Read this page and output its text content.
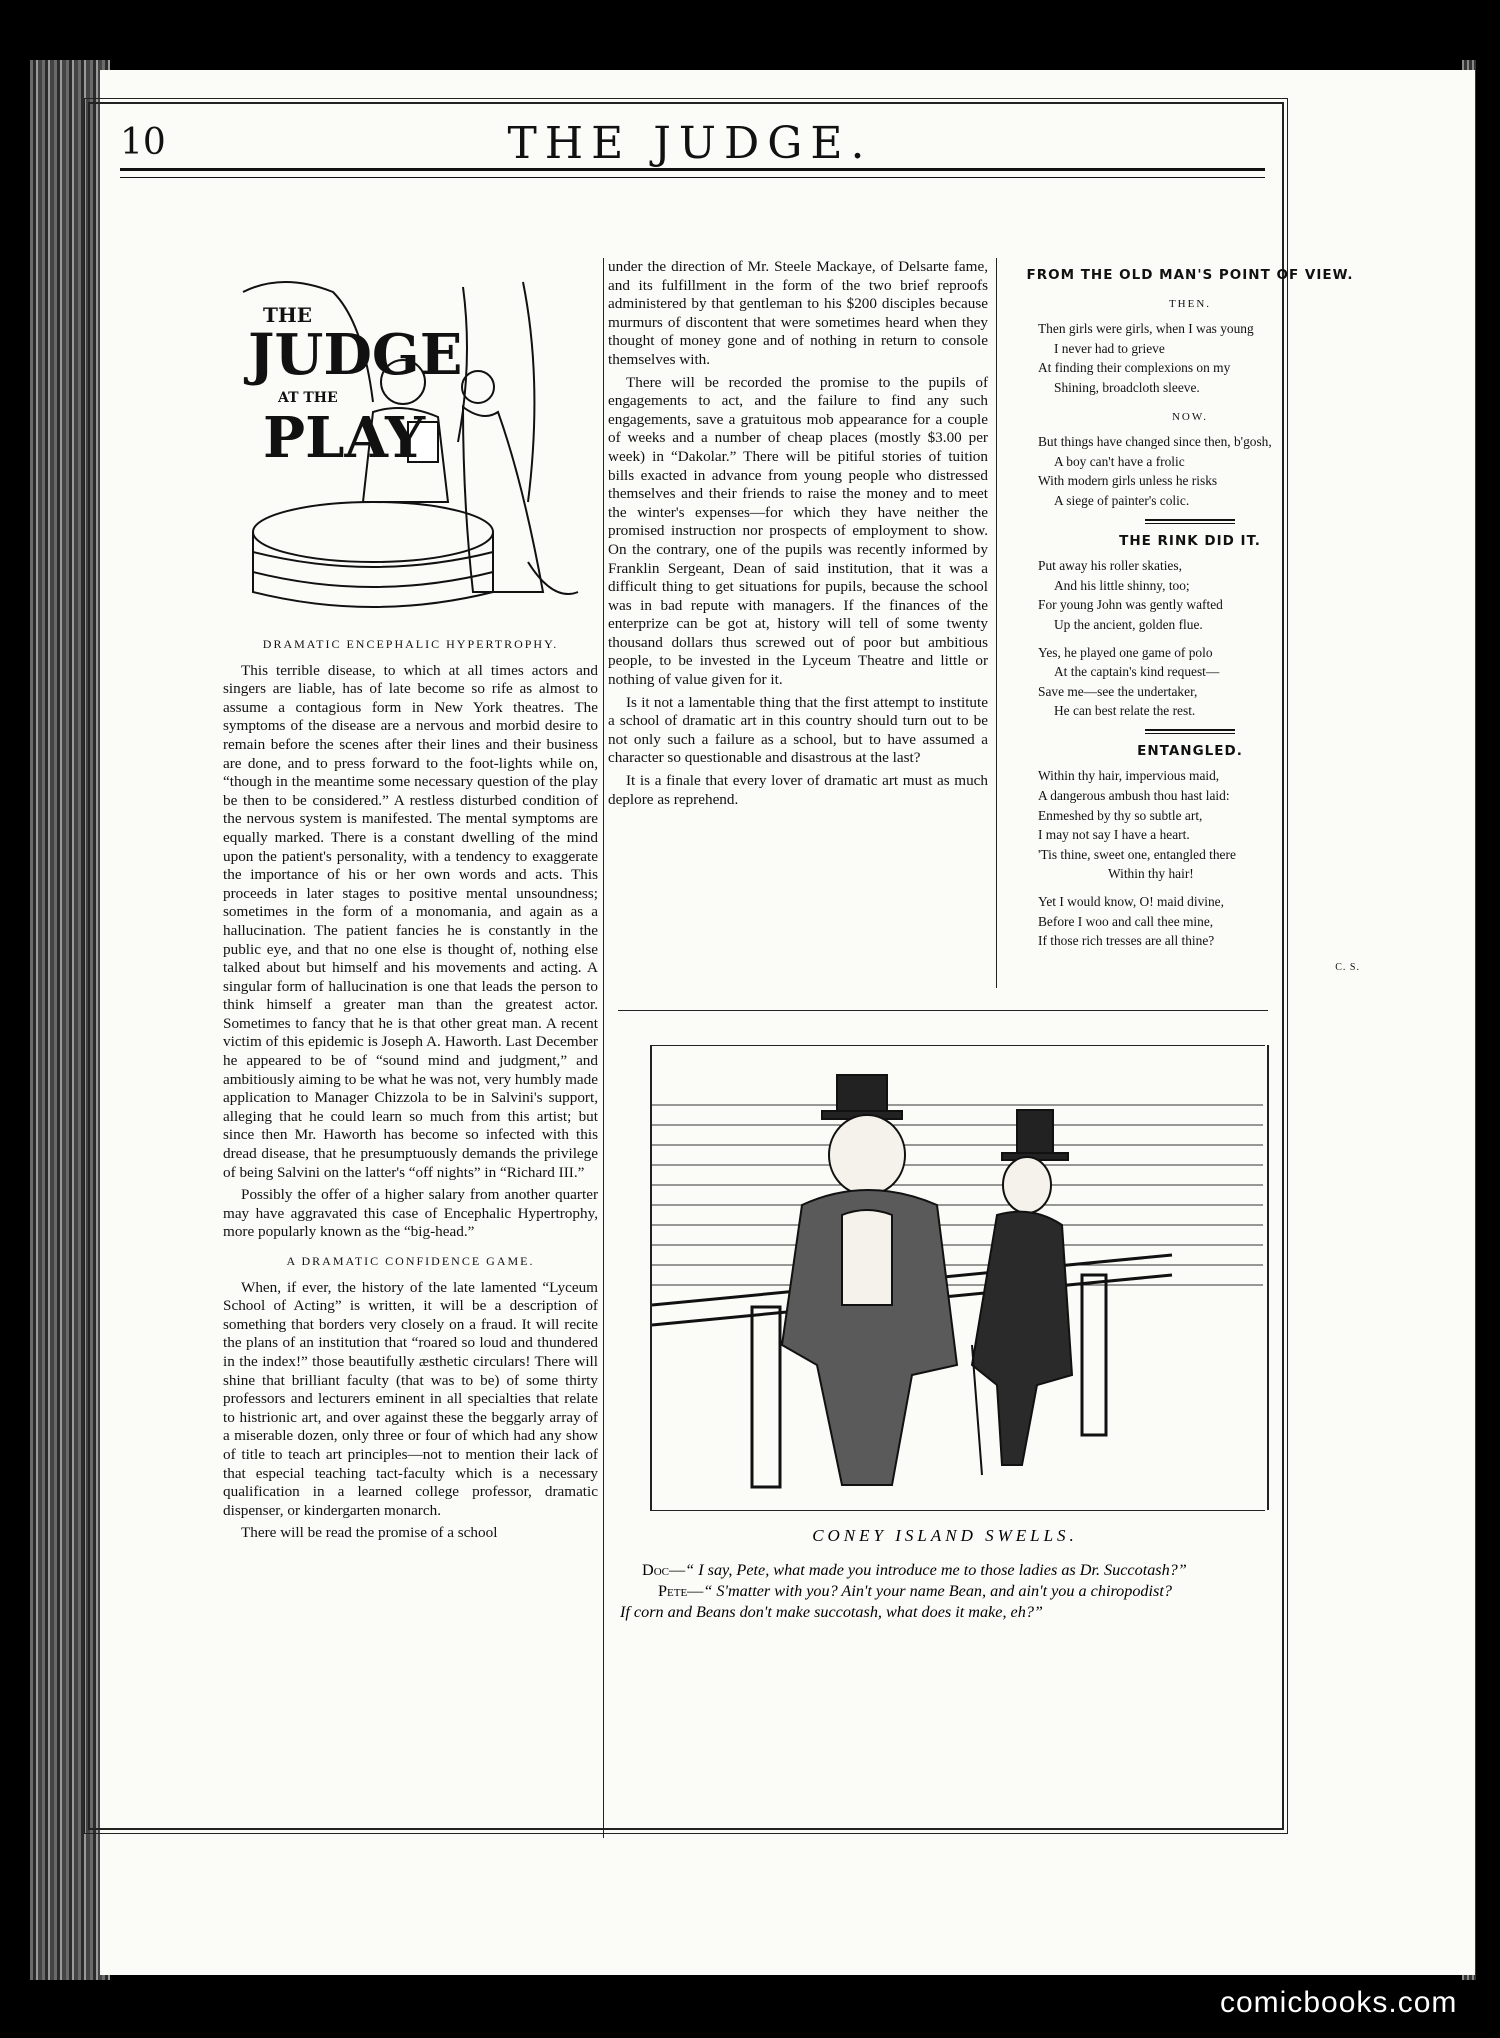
10	THE JUDGE.
THE
JUDGE
AT THE
PLAY
DRAMATIC ENCEPHALIC HYPERTROPHY.

This terrible disease, to which at all times actors and singers are liable, has of late become so rife as almost to assume a contagious form in New York theatres. The symptoms of the disease are a nervous and morbid desire to remain before the scenes after their lines and their business are done, and to press forward to the foot-lights while on, “though in the meantime some necessary question of the play be then to be considered.” A restless disturbed condition of the nervous system is manifested. The mental symptoms are equally marked. There is a constant dwelling of the mind upon the patient's personality, with a tendency to exaggerate the importance of his or her own words and acts. This proceeds in later stages to positive mental unsoundness; sometimes in the form of a monomania, and again as a hallucination. The patient fancies he is constantly in the public eye, and that no one else is thought of, nothing else talked about but himself and his movements and acting. A singular form of hallucination is one that leads the person to think himself a greater man than the greatest actor. Sometimes to fancy that he is that other great man. A recent victim of this epidemic is Joseph A. Haworth. Last December he appeared to be of “sound mind and judgment,” and ambitiously aiming to be what he was not, very humbly made application to Manager Chizzola to be in Salvini's support, alleging that he could learn so much from this artist; but since then Mr. Haworth has become so infected with this dread disease, that he presumptuously demands the privilege of being Salvini on the latter's “off nights” in “Richard III.”

Possibly the offer of a higher salary from another quarter may have aggravated this case of Encephalic Hypertrophy, more popularly known as the “big-head.”

A DRAMATIC CONFIDENCE GAME.

When, if ever, the history of the late lamented “Lyceum School of Acting” is written, it will be a description of something that borders very closely on a fraud. It will recite the plans of an institution that “roared so loud and thundered in the index!” those beautifully æsthetic circulars! There will shine that brilliant faculty (that was to be) of some thirty professors and lecturers eminent in all specialties that relate to histrionic art, and over against these the beggarly array of a miserable dozen, only three or four of which had any show of title to teach art principles—not to mention their lack of that especial teaching tact-faculty which is a necessary qualification in a learned college professor, dramatic dispenser, or kindergarten monarch.

There will be read the promise of a school

under the direction of Mr. Steele Mackaye, of Delsarte fame, and its fulfillment in the form of the two brief reproofs administered by that gentleman to his $200 disciples because murmurs of discontent that were sometimes heard when they thought of money gone and of nothing in return to console themselves with.

There will be recorded the promise to the pupils of engagements to act, and the failure to find any such engagements, save a gratuitous mob appearance for a couple of weeks and a number of cheap places (mostly $3.00 per week) in “Dakolar.” There will be pitiful stories of tuition bills exacted in advance from young people who distressed themselves and their friends to raise the money and to meet the winter's expenses—for which they have neither the promised instruction nor prospects of employment to show. On the contrary, one of the pupils was recently informed by Franklin Sergeant, Dean of said institution, that it was a difficult thing to get situations for pupils, because the school was in bad repute with managers. If the finances of the enterprize can be got at, history will tell of some twenty thousand dollars thus screwed out of poor but ambitious people, to be invested in the Lyceum Theatre and little or nothing of value given for it.

Is it not a lamentable thing that the first attempt to institute a school of dramatic art in this country should turn out to be not only such a failure as a school, but to have assumed a character so questionable and disastrous at the last?

It is a finale that every lover of dramatic art must as much deplore as reprehend.

FROM THE OLD MAN'S POINT OF VIEW.
THEN.
Then girls were girls, when I was young
I never had to grieve
At finding their complexions on my
Shining, broadcloth sleeve.
NOW.
But things have changed since then, b'gosh,
A boy can't have a frolic
With modern girls unless he risks
A siege of painter's colic.
THE RINK DID IT.
Put away his roller skaties,
And his little shinny, too;
For young John was gently wafted
Up the ancient, golden flue.
Yes, he played one game of polo
At the captain's kind request—
Save me—see the undertaker,
He can best relate the rest.
ENTANGLED.
Within thy hair, impervious maid,
A dangerous ambush thou hast laid:
Enmeshed by thy so subtle art,
I may not say I have a heart.
'Tis thine, sweet one, entangled there
Within thy hair!
Yet I would know, O! maid divine,
Before I woo and call thee mine,
If those rich tresses are all thine?
C. S.
CONEY ISLAND SWELLS.
Doc—“ I say, Pete, what made you introduce me to those ladies as Dr. Succotash?”
Pete—“ S'matter with you? Ain't your name Bean, and ain't you a chiropodist?
If corn and Beans don't make succotash, what does it make, eh?”
comicbooks.com
